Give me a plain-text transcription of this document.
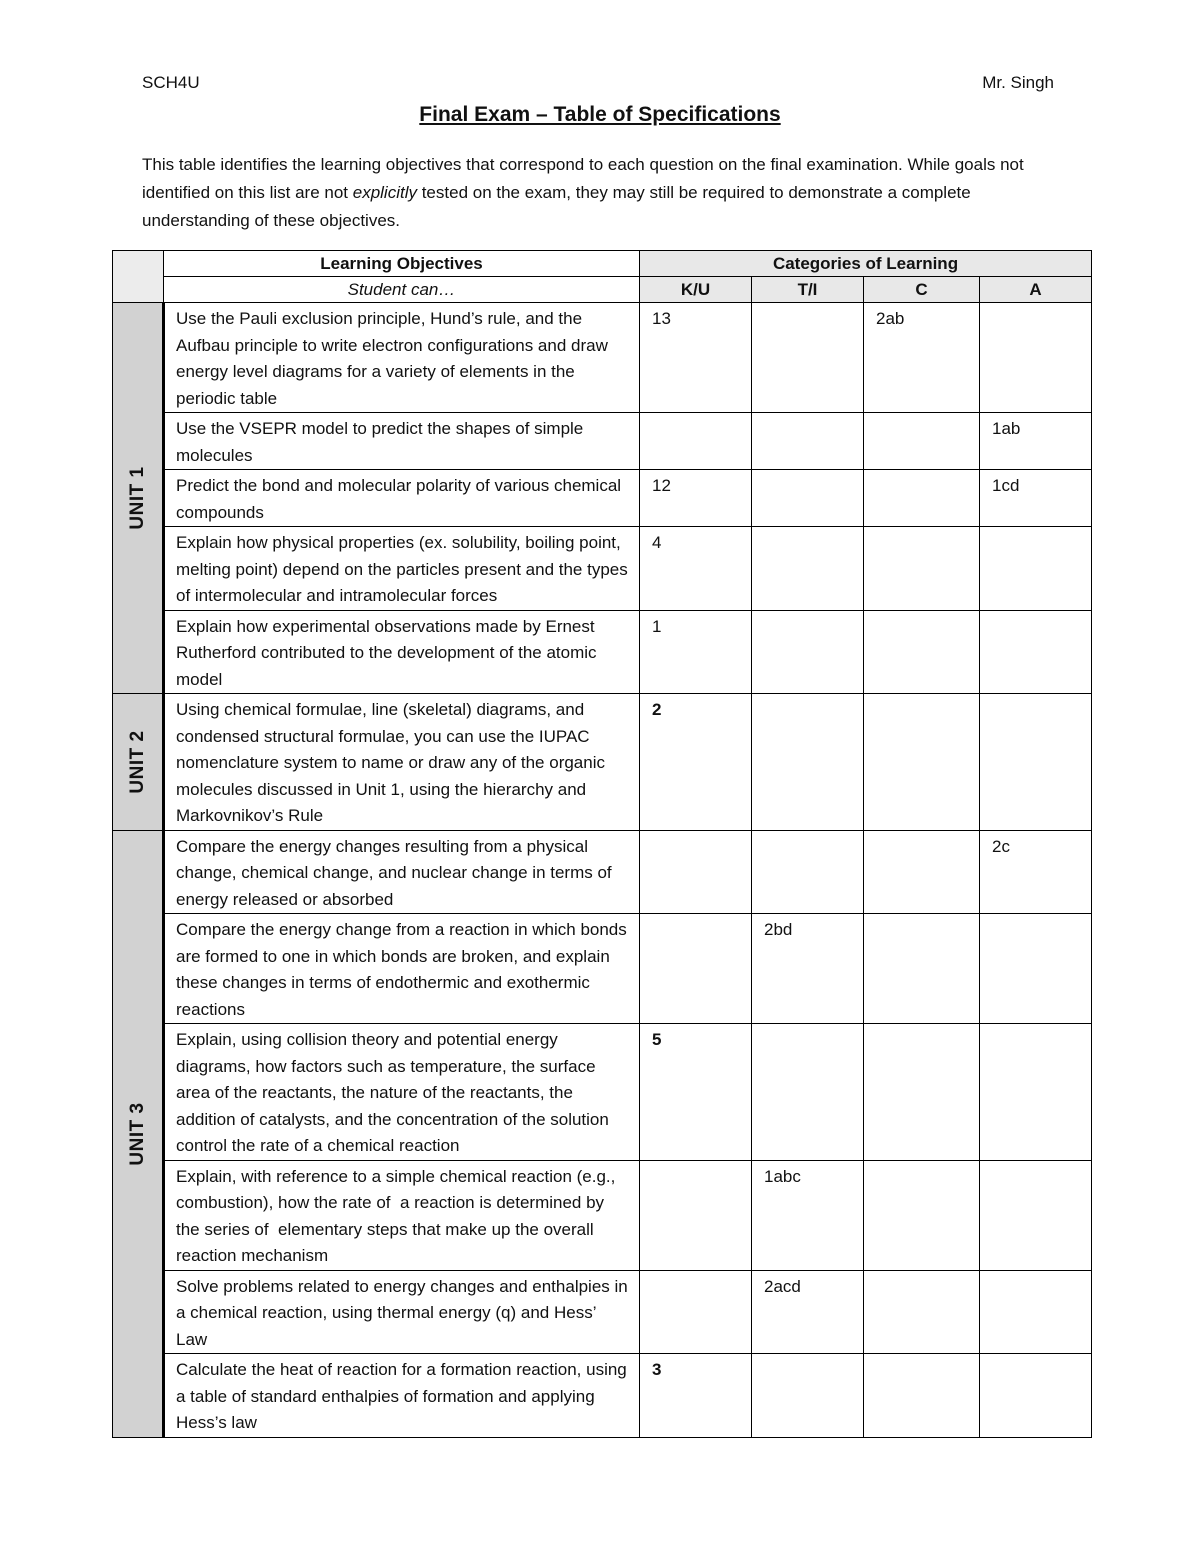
SCH4U	Mr. Singh
Final Exam – Table of Specifications
This table identifies the learning objectives that correspond to each question on the final examination. While goals not identified on this list are not explicitly tested on the exam, they may still be required to demonstrate a complete understanding of these objectives.
	Learning Objectives	Categories of Learning			
	Student can…	K/U	T/I	C	A

UNIT 1	Use the Pauli exclusion principle, Hund’s rule, and the Aufbau principle to write electron configurations and draw energy level diagrams for a variety of elements in the periodic table	13		2ab	
	Use the VSEPR model to predict the shapes of simple molecules				1ab
	Predict the bond and molecular polarity of various chemical compounds	12			1cd
	Explain how physical properties (ex. solubility, boiling point, melting point) depend on the particles present and the types of intermolecular and intramolecular forces	4			
	Explain how experimental observations made by Ernest Rutherford contributed to the development of the atomic model	1			

UNIT 2	Using chemical formulae, line (skeletal) diagrams, and condensed structural formulae, you can use the IUPAC nomenclature system to name or draw any of the organic molecules discussed in Unit 1, using the hierarchy and Markovnikov’s Rule	2			

UNIT 3	Compare the energy changes resulting from a physical change, chemical change, and nuclear change in terms of energy released or absorbed				2c
	Compare the energy change from a reaction in which bonds are formed to one in which bonds are broken, and explain these changes in terms of endothermic and exothermic reactions		2bd		
	Explain, using collision theory and potential energy diagrams, how factors such as temperature, the surface area of the reactants, the nature of the reactants, the addition of catalysts, and the concentration of the solution control the rate of a chemical reaction	5			
	Explain, with reference to a simple chemical reaction (e.g., combustion), how the rate of  a reaction is determined by the series of  elementary steps that make up the overall  reaction mechanism		1abc		
	Solve problems related to energy changes and enthalpies in a chemical reaction, using thermal energy (q) and Hess’ Law		2acd		
	Calculate the heat of reaction for a formation reaction, using a table of standard enthalpies of formation and applying Hess’s law	3			
